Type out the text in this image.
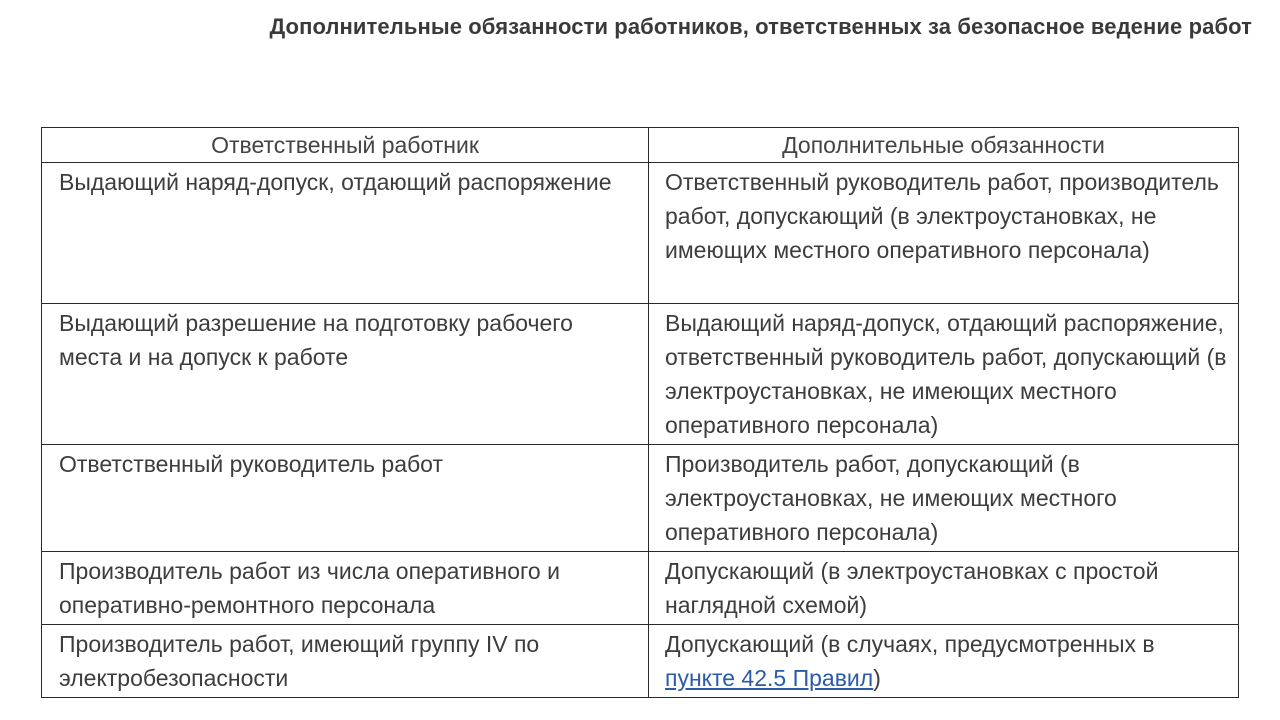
Дополнительные обязанности работников, ответственных за безопасное ведение работ
Ответственный работник	Дополнительные обязанности
Выдающий наряд-допуск, отдающий распоряжение	Ответственный руководитель работ, производитель работ, допускающий (в электроустановках, не имеющих местного оперативного персонала)
Выдающий разрешение на подготовку рабочего места и на допуск к работе	Выдающий наряд-допуск, отдающий распоряжение, ответственный руководитель работ, допускающий (в электроустановках, не имеющих местного оперативного персонала)
Ответственный руководитель работ	Производитель работ, допускающий (в электроустановках, не имеющих местного оперативного персонала)
Производитель работ из числа оперативного и оперативно-ремонтного персонала	Допускающий (в электроустановках с простой наглядной схемой)
Производитель работ, имеющий группу IV по электробезопасности	Допускающий (в случаях, предусмотренных в пункте 42.5 Правил)
